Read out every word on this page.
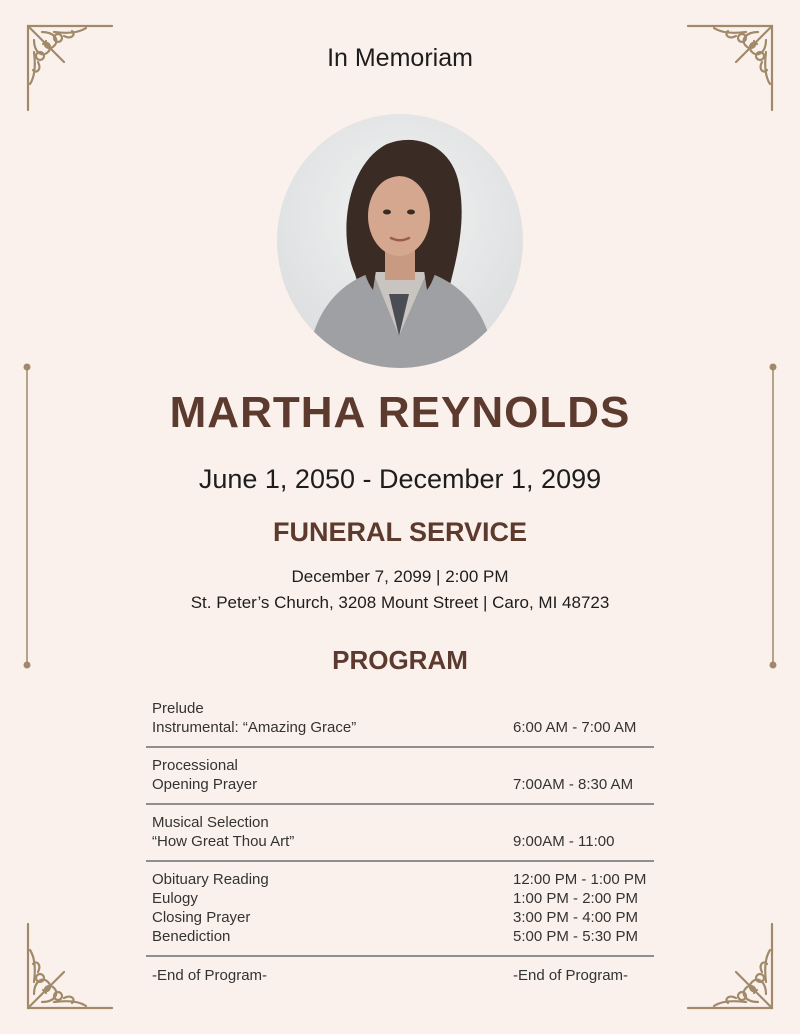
In Memoriam
MARTHA REYNOLDS
June 1, 2050 - December 1, 2099
FUNERAL SERVICE
December 7, 2099 | 2:00 PM
St. Peter’s Church, 3208 Mount Street | Caro, MI 48723
PROGRAM
Prelude
Instrumental: “Amazing Grace”	6:00 AM - 7:00 AM
Processional
Opening Prayer	7:00AM - 8:30 AM
Musical Selection
“How Great Thou Art”	9:00AM - 11:00
Obituary Reading	12:00 PM - 1:00 PM
Eulogy	1:00 PM - 2:00 PM
Closing Prayer	3:00 PM - 4:00 PM
Benediction	5:00 PM - 5:30 PM
-End of Program-	-End of Program-
